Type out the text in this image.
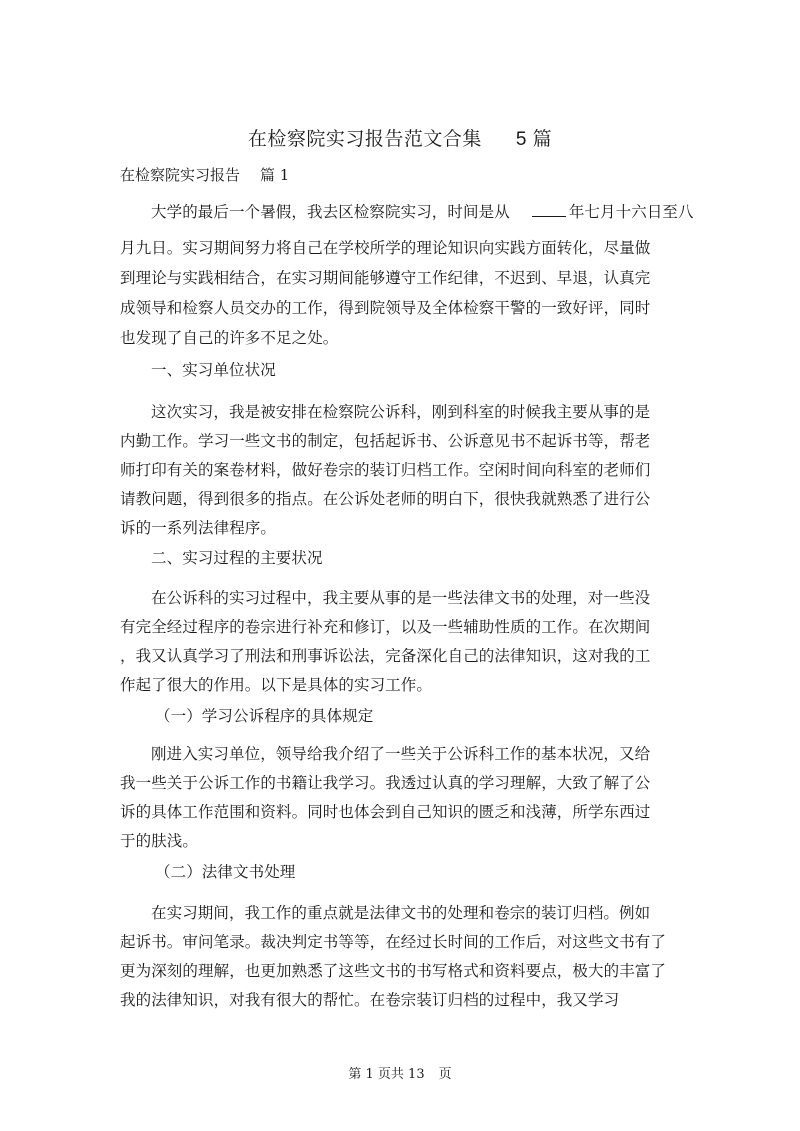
在检察院实习报告范文合集 5 篇
在检察院实习报告 篇 1
大学的最后一个暑假，我去区检察院实习，时间是从	年七月十六日至八
月九日。实习期间努力将自己在学校所学的理论知识向实践方面转化，尽量做
到理论与实践相结合，在实习期间能够遵守工作纪律，不迟到、早退，认真完
成领导和检察人员交办的工作，得到院领导及全体检察干警的一致好评，同时
也发现了自己的许多不足之处。
一、实习单位状况
这次实习，我是被安排在检察院公诉科，刚到科室的时候我主要从事的是
内勤工作。学习一些文书的制定，包括起诉书、公诉意见书不起诉书等，帮老
师打印有关的案卷材料，做好卷宗的装订归档工作。空闲时间向科室的老师们
请教问题，得到很多的指点。在公诉处老师的明白下，很快我就熟悉了进行公
诉的一系列法律程序。
二、实习过程的主要状况
在公诉科的实习过程中，我主要从事的是一些法律文书的处理，对一些没
有完全经过程序的卷宗进行补充和修订，以及一些辅助性质的工作。在次期间
，我又认真学习了刑法和刑事诉讼法，完备深化自己的法律知识，这对我的工
作起了很大的作用。以下是具体的实习工作。
（一）学习公诉程序的具体规定
刚进入实习单位，领导给我介绍了一些关于公诉科工作的基本状况，又给
我一些关于公诉工作的书籍让我学习。我透过认真的学习理解，大致了解了公
诉的具体工作范围和资料。同时也体会到自己知识的匮乏和浅薄，所学东西过
于的肤浅。
（二）法律文书处理
在实习期间，我工作的重点就是法律文书的处理和卷宗的装订归档。例如
起诉书。审问笔录。裁决判定书等等，在经过长时间的工作后，对这些文书有了
更为深刻的理解，也更加熟悉了这些文书的书写格式和资料要点，极大的丰富了
我的法律知识，对我有很大的帮忙。在卷宗装订归档的过程中，我又学习
第 1 页共 13 页
